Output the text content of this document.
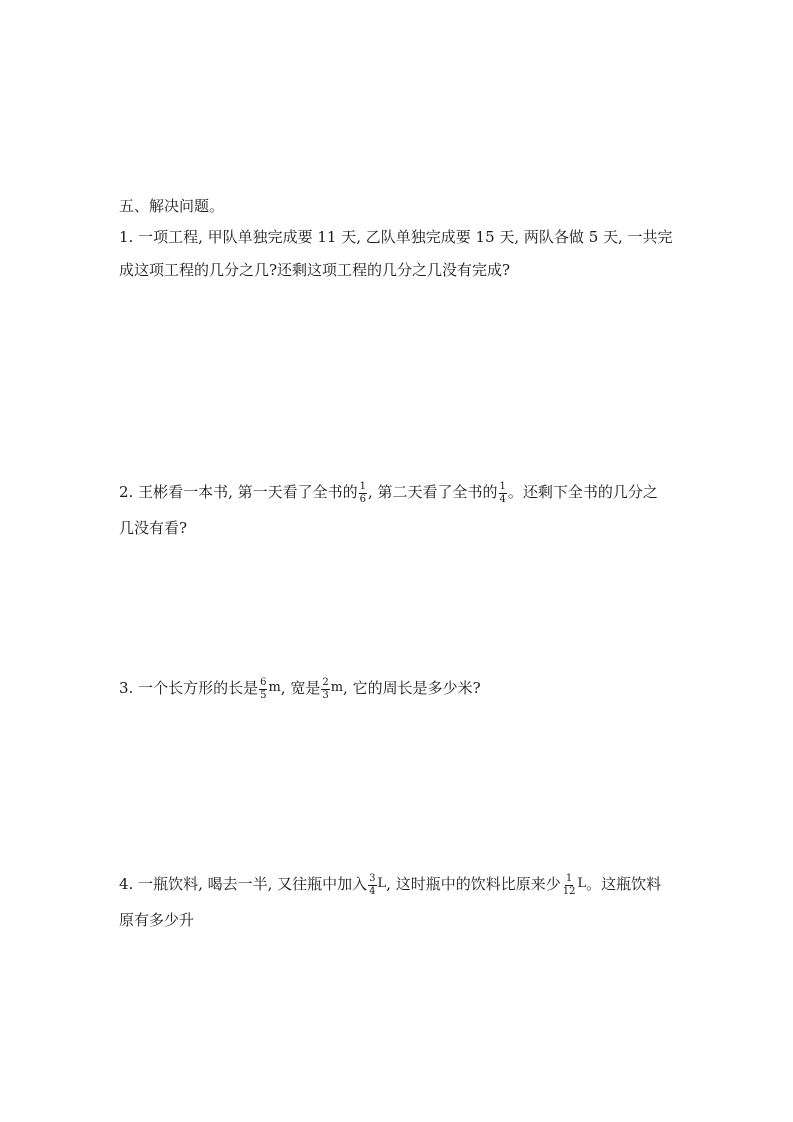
五、解决问题。
1. 一项工程, 甲队单独完成要 11 天, 乙队单独完成要 15 天, 两队各做 5 天, 一共完
成这项工程的几分之几?还剩这项工程的几分之几没有完成?
2. 王彬看一本书, 第一天看了全书的 $\frac{1}{6}$ , 第二天看了全书的 $\frac{1}{4}$ 。还剩下全书的几分之
几没有看?
3. 一个长方形的长是 $\frac{6}{5}$ m , 宽是 $\frac{2}{3}$ m , 它的周长是多少米?
4. 一瓶饮料, 喝去一半, 又往瓶中加入 $\frac{3}{4}$ L , 这时瓶中的饮料比原来少 $\frac{1}{12}$ L 。这瓶饮料
原有多少升
